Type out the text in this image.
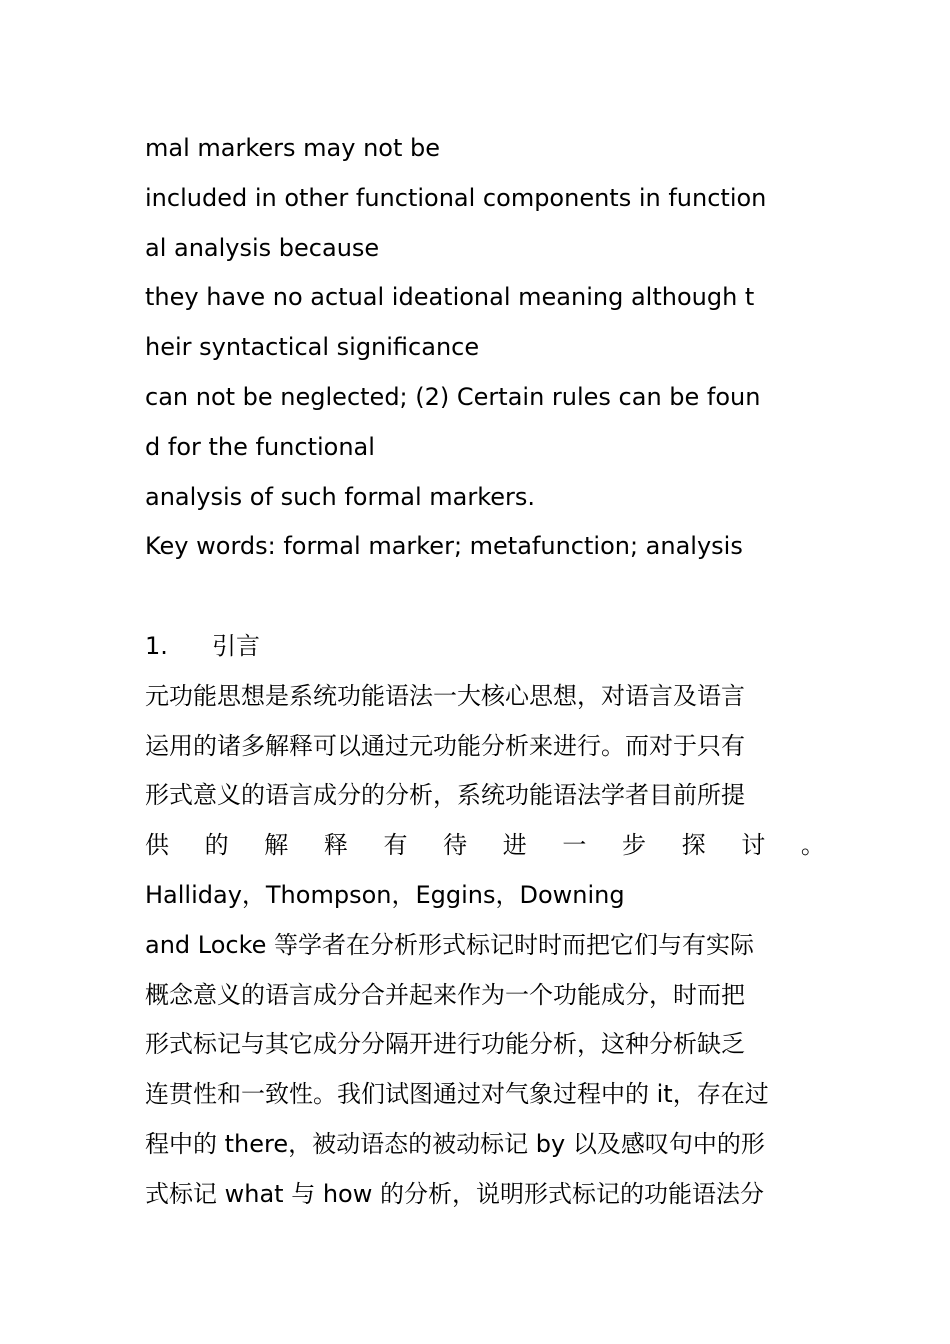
mal markers may not be
included in other functional components in function
al analysis because
they have no actual ideational meaning although t
heir syntactical significance
can not be neglected; (2) Certain rules can be foun
d for the functional
analysis of such formal markers.
Key words: formal marker; metafunction; analysis
1. 引言
元功能思想是系统功能语法一大核心思想，对语言及语言
运用的诸多解释可以通过元功能分析来进行。而对于只有
形式意义的语言成分的分析，系统功能语法学者目前所提
供 的 解 释 有 待 进 一 步 探 讨 。
Halliday，Thompson，Eggins，Downing
and Locke 等学者在分析形式标记时时而把它们与有实际
概念意义的语言成分合并起来作为一个功能成分，时而把
形式标记与其它成分分隔开进行功能分析，这种分析缺乏
连贯性和一致性。我们试图通过对气象过程中的 it，存在过
程中的 there，被动语态的被动标记 by 以及感叹句中的形
式标记 what 与 how 的分析，说明形式标记的功能语法分
